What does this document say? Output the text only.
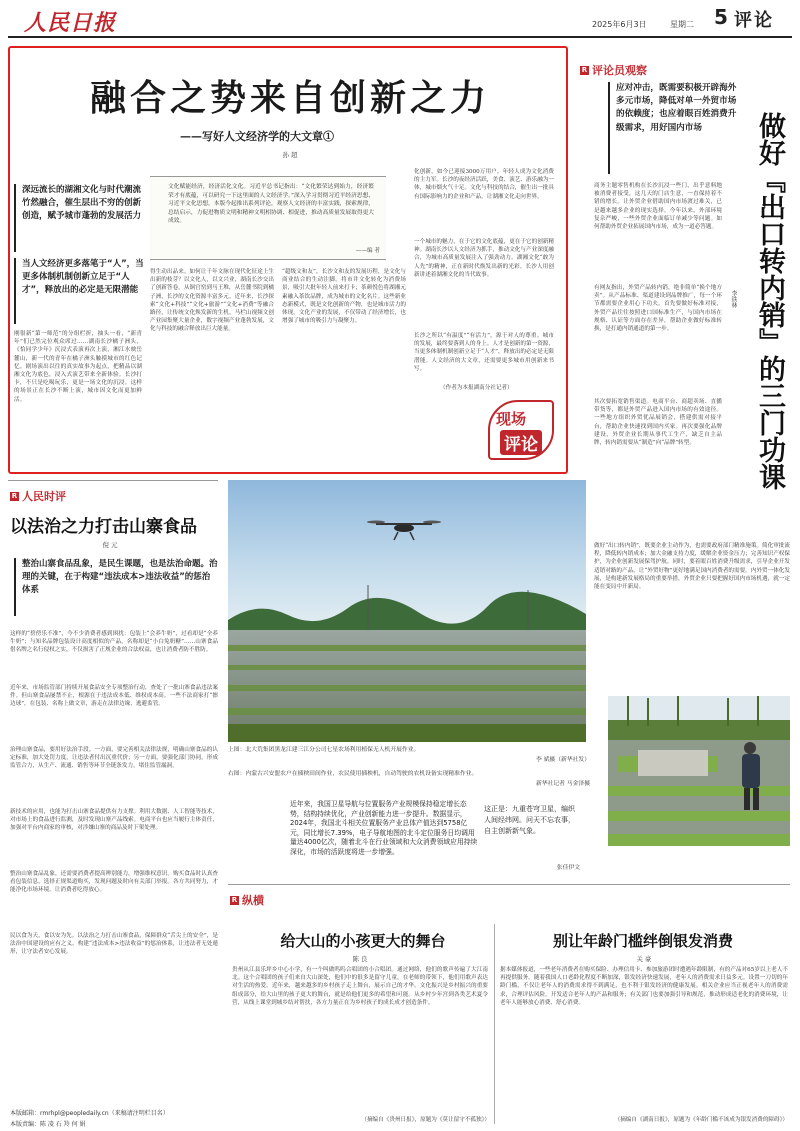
人民日报	2025年6月3日	星期二 5 评论
融合之势来自创新之力
——写好人文经济学的大文章①
孙 超
深远流长的湖湘文化与时代潮流竹然融合，催生层出不穷的创新创造，赋予城市蓬勃的发展活力
当人文经济更多落笔于“人”，当更多体制机制创新立足于“人才”，释放出的必定是无限潜能
文化赋能经济，经济活化文化。习近平总书记指出：“文化繁荣达到始力，经济繁荣才有底蕴，可以研究一下这里面的人文经济学。”深入学习贯彻习近平经济思想、习近平文化思想，本版今起推出系列评论，观察人文经济的丰富实践，探索规律，总结启示，力促进物质文明和精神文明相协调、相促进，推动高质量发展取得更大成效。
——编 者
刚很新“第一师范”的分组栏折，抽头一看，“新青年”们已然完位观众席过……湖南长沙橘子洲头，《恰同学少年》沉浸式表演再次上演，湘江水映岳麓山，新一代的青年在橘子洲头触摸城市的红色记忆。剧场演出以往的真实故事为起点，把精品以湖湘文化为底色，浸入式演艺带来全新体验。长沙打卡，不只是吃喝玩乐，更是一场文化的沉浸。这样的场景正在长沙不断上演，城市因文化而更加鲜活。
得生动出品来。如何让千年文脉在现代化征途上生出新的枝芽？以文化人，以文兴业，湖南长沙交出了创新答卷。从铜官窑到马王堆，从岳麓书院到橘子洲，长沙的文化资源丰富多元。近年来，长沙探索“文化+科技”“文化+旅游”“文化+消费”等融合路径，让传统文化焕发新的生机。马栏山视频文创产业园集聚大量企业，数字视频产业蓬勃发展，文化与科技的融合释放出巨大能量。
“超级文和友”，长沙文和友的发展历程，是文化与商业结合的生动注脚。将市井文化转化为消费场景，吸引大批年轻人前来打卡；茶颜悦色将湖湘元素融入茶饮品牌，成为城市的文化名片。这些新业态新模式，既是文化创新的产物，也是城市活力的体现。文化产业的发展，不仅带动了经济增长，也增强了城市的吸引力与凝聚力。
化创新，如今已迎接3000万用户，年轻人成为文化消费的主力军。长沙的夜经济活跃，美食、演艺、游乐融为一体，城市烟火气十足。文化与科技的结合，催生出一批具有国际影响力的企业和产品，让湖湘文化走向世界。
一个城市的魅力，在于它的文化底蕴，更在于它的创新精神。湖南长沙以人文经济为抓手，推动文化与产业深度融合，为城市高质量发展注入了强劲动力。湖湘文化“敢为人先”的精神，正在新时代焕发出新的光彩。长沙人用创新讲述着湖湘文化的当代故事。
长沙之所以“有温度”“有活力”，源于对人的尊重。城市的发展，最终要落到人的身上。人才是创新的第一资源，当更多体制机制创新立足于“人才”，释放出的必定是无限潜能。人文经济的大文章，还需要更多城市用创新来书写。
（作者为本报湖南分社记者）
现场
评论
R 评论员观察
应对冲击，既需要积极开辟海外多元市场，降低对单一外贸市场的依赖度；也应着眼百姓消费升级需求，用好国内市场	做好『出口转内销』的三门功课
李铁林
商务主题零售机构在长沙沉浸一些门，出乎意料地被消费者接受，这几天的门店生意，一直保持着不错的增长。让外贸企业借助国内市场渡过难关，已是越来越多企业的现实选择。今年以来，外部环境复杂严峻，一些外贸企业面临订单减少等问题。如何帮助外贸企业拓展国内市场，成为一道必答题。
有网友指出，外贸产品转内销，绝非简单“换个地方卖”。从产品标准、渠道建设到品牌推广，每一个环节都需要企业用心下功夫。首先要做好标准对接，外贸产品往往按照进口国标准生产，与国内市场在规格、认证等方面存在差异，帮助企业做好标准转换，是打通内销通道的第一步。
其次要拓宽销售渠道。电商平台、商超卖场、直播带货等，都是外贸产品进入国内市场的有效途径。一些地方组织外贸优品展销会，搭建供需对接平台，帮助企业快速找到国内买家。再次要强化品牌建设，外贸企业长期从事代工生产，缺乏自主品牌，转内销需要从“制造”向“品牌”转型。
做好“出口转内销”，既要企业主动作为，也需要政府部门精准施策。简化审批流程，降低转内销成本；加大金融支持力度，缓解企业资金压力；完善知识产权保护，为企业创新发展保驾护航。同时，要着眼百姓消费升级需求，引导企业开发适销对路的产品，让“外贸好物”更好地满足国内消费者的需要。内外贸一体化发展，是构建新发展格局的重要举措，外贸企业只要把握好国内市场机遇，就一定能在变局中开新局。
R 人民时评
以法治之力打击山寨食品
倪 元
整治山寨食品乱象，是民生课题，也是法治命题。治理的关键，在于构建“违法成本>违法收益”的惩治体系
这样的“傍傍乐不准”，今不少消费者感到困扰：包装上“会养牛奶”，过看却是“全养牛奶”；与知名品牌包装设计高度相似的产品，名称却是“小白兔奶糖”……山寨食品借名牌之名行侵权之实，不仅损害了正规企业的合法权益，也让消费者防不胜防。
近年来，市场监管部门持续开展食品安全专项整治行动，查处了一批山寨食品违法案件。但山寨食品屡禁不止，根源在于违法成本低、维权成本高。一些不法商家打“擦边球”，在包装、名称上做文章，游走在法律边缘，逃避监管。
治理山寨食品，要用好法治手段。一方面，要完善相关法律法规，明确山寨食品的认定标准，加大处罚力度，让违法者付出沉重代价；另一方面，要强化部门协同，形成监管合力，从生产、流通、销售等环节全链条发力，堵住监管漏洞。
新技术的应用，也能为打击山寨食品提供有力支撑。利用大数据、人工智能等技术，对市场上的食品进行监测，及时发现山寨产品线索。电商平台也应当履行主体责任，加强对平台内商家的审核，对涉嫌山寨的商品及时下架处理。
整治山寨食品乱象，还需要消费者提高辨别能力，增强维权意识。购买食品时认真查看包装信息，选择正规渠道购买，发现问题及时向有关部门举报。各方共同努力，才能净化市场环境，让消费者吃得放心。
民以食为天，食以安为先。以法治之力打击山寨食品，保障群众“舌尖上的安全”，是法治中国建设的应有之义。构建“违法成本>违法收益”的惩治体系，让违法者无处遁形，让守法者安心发展。
本版邮箱：rmrhpl@peopledaily.cn（来稿请注明栏目名）
本版责编：陈 凌 石 羚 何 娟
上图：北大荒集团黑龙江建三江分公司七星农场利用植保无人机开展作业。
李 斌摄（新华社发）
右图：内蒙古兴安盟农户在插秧田间作业，农民使用插秧机，自动驾驶的农机设备实现精准作业。
新华社记者 马金泽摄
近年来，我国卫星导航与位置服务产业规模保持稳定增长态势，结构持续优化，产业创新能力进一步提升。数据显示，2024年，我国北斗相关位置服务产业总体产值达到5758亿元，同比增长7.39%，电子导航地图的北斗定位服务日均调用量达4000亿次，随着北斗在行业领域和大众消费领域应用持续深化，市场的活跃度将进一步增强。
这正是：九重苍穹卫星，编织人间经纬网。问天不忘农事，自主创新新气象。
张佳伊文
R 纵横
给大山的小孩更大的舞台
陈 良
贵州从江县乐坪乡中心小学，有一个叫做呜呜合唱团的小合唱团。通过网络，他们的歌声传遍了大江南北。这个合唱团的孩子们来自大山深处，他们中的很多是留守儿童，在老师的带领下，他们用歌声表达对生活的热爱。近年来，越来越多的乡村孩子走上舞台，展示自己的才华。文化振兴是乡村振兴的重要组成部分，给大山里的孩子更大的舞台，就是给他们更多的希望和可能。从乡村少年宫到各类艺术夏令营，从线上课堂到城乡结对帮扶，各方力量正在为乡村孩子的成长成才创造条件。
（摘编自《贵州日报》，原题为《莫让留守不孤独》）
别让年龄门槛绊倒银发消费
关 豪
据本媒体报道，一些老年消费者在购买保险、办理信用卡、参加旅游团时遭遇年龄限制，有的产品对65岁以上老人不再提供服务。随着我国人口老龄化程度不断加深，银发经济快速发展，老年人的消费需求日益多元。设置一刀切的年龄门槛，不仅让老年人的消费需求得不到满足，也不利于银发经济的健康发展。相关企业应当正视老年人的消费需求，合理评估风险，开发适合老年人的产品和服务；有关部门也要加强引导和规范，推动形成适老化的消费环境，让老年人能够放心消费、舒心消费。
（摘编自《湖南日报》，原题为《年龄门槛不该成为银发消费的障碍》）
